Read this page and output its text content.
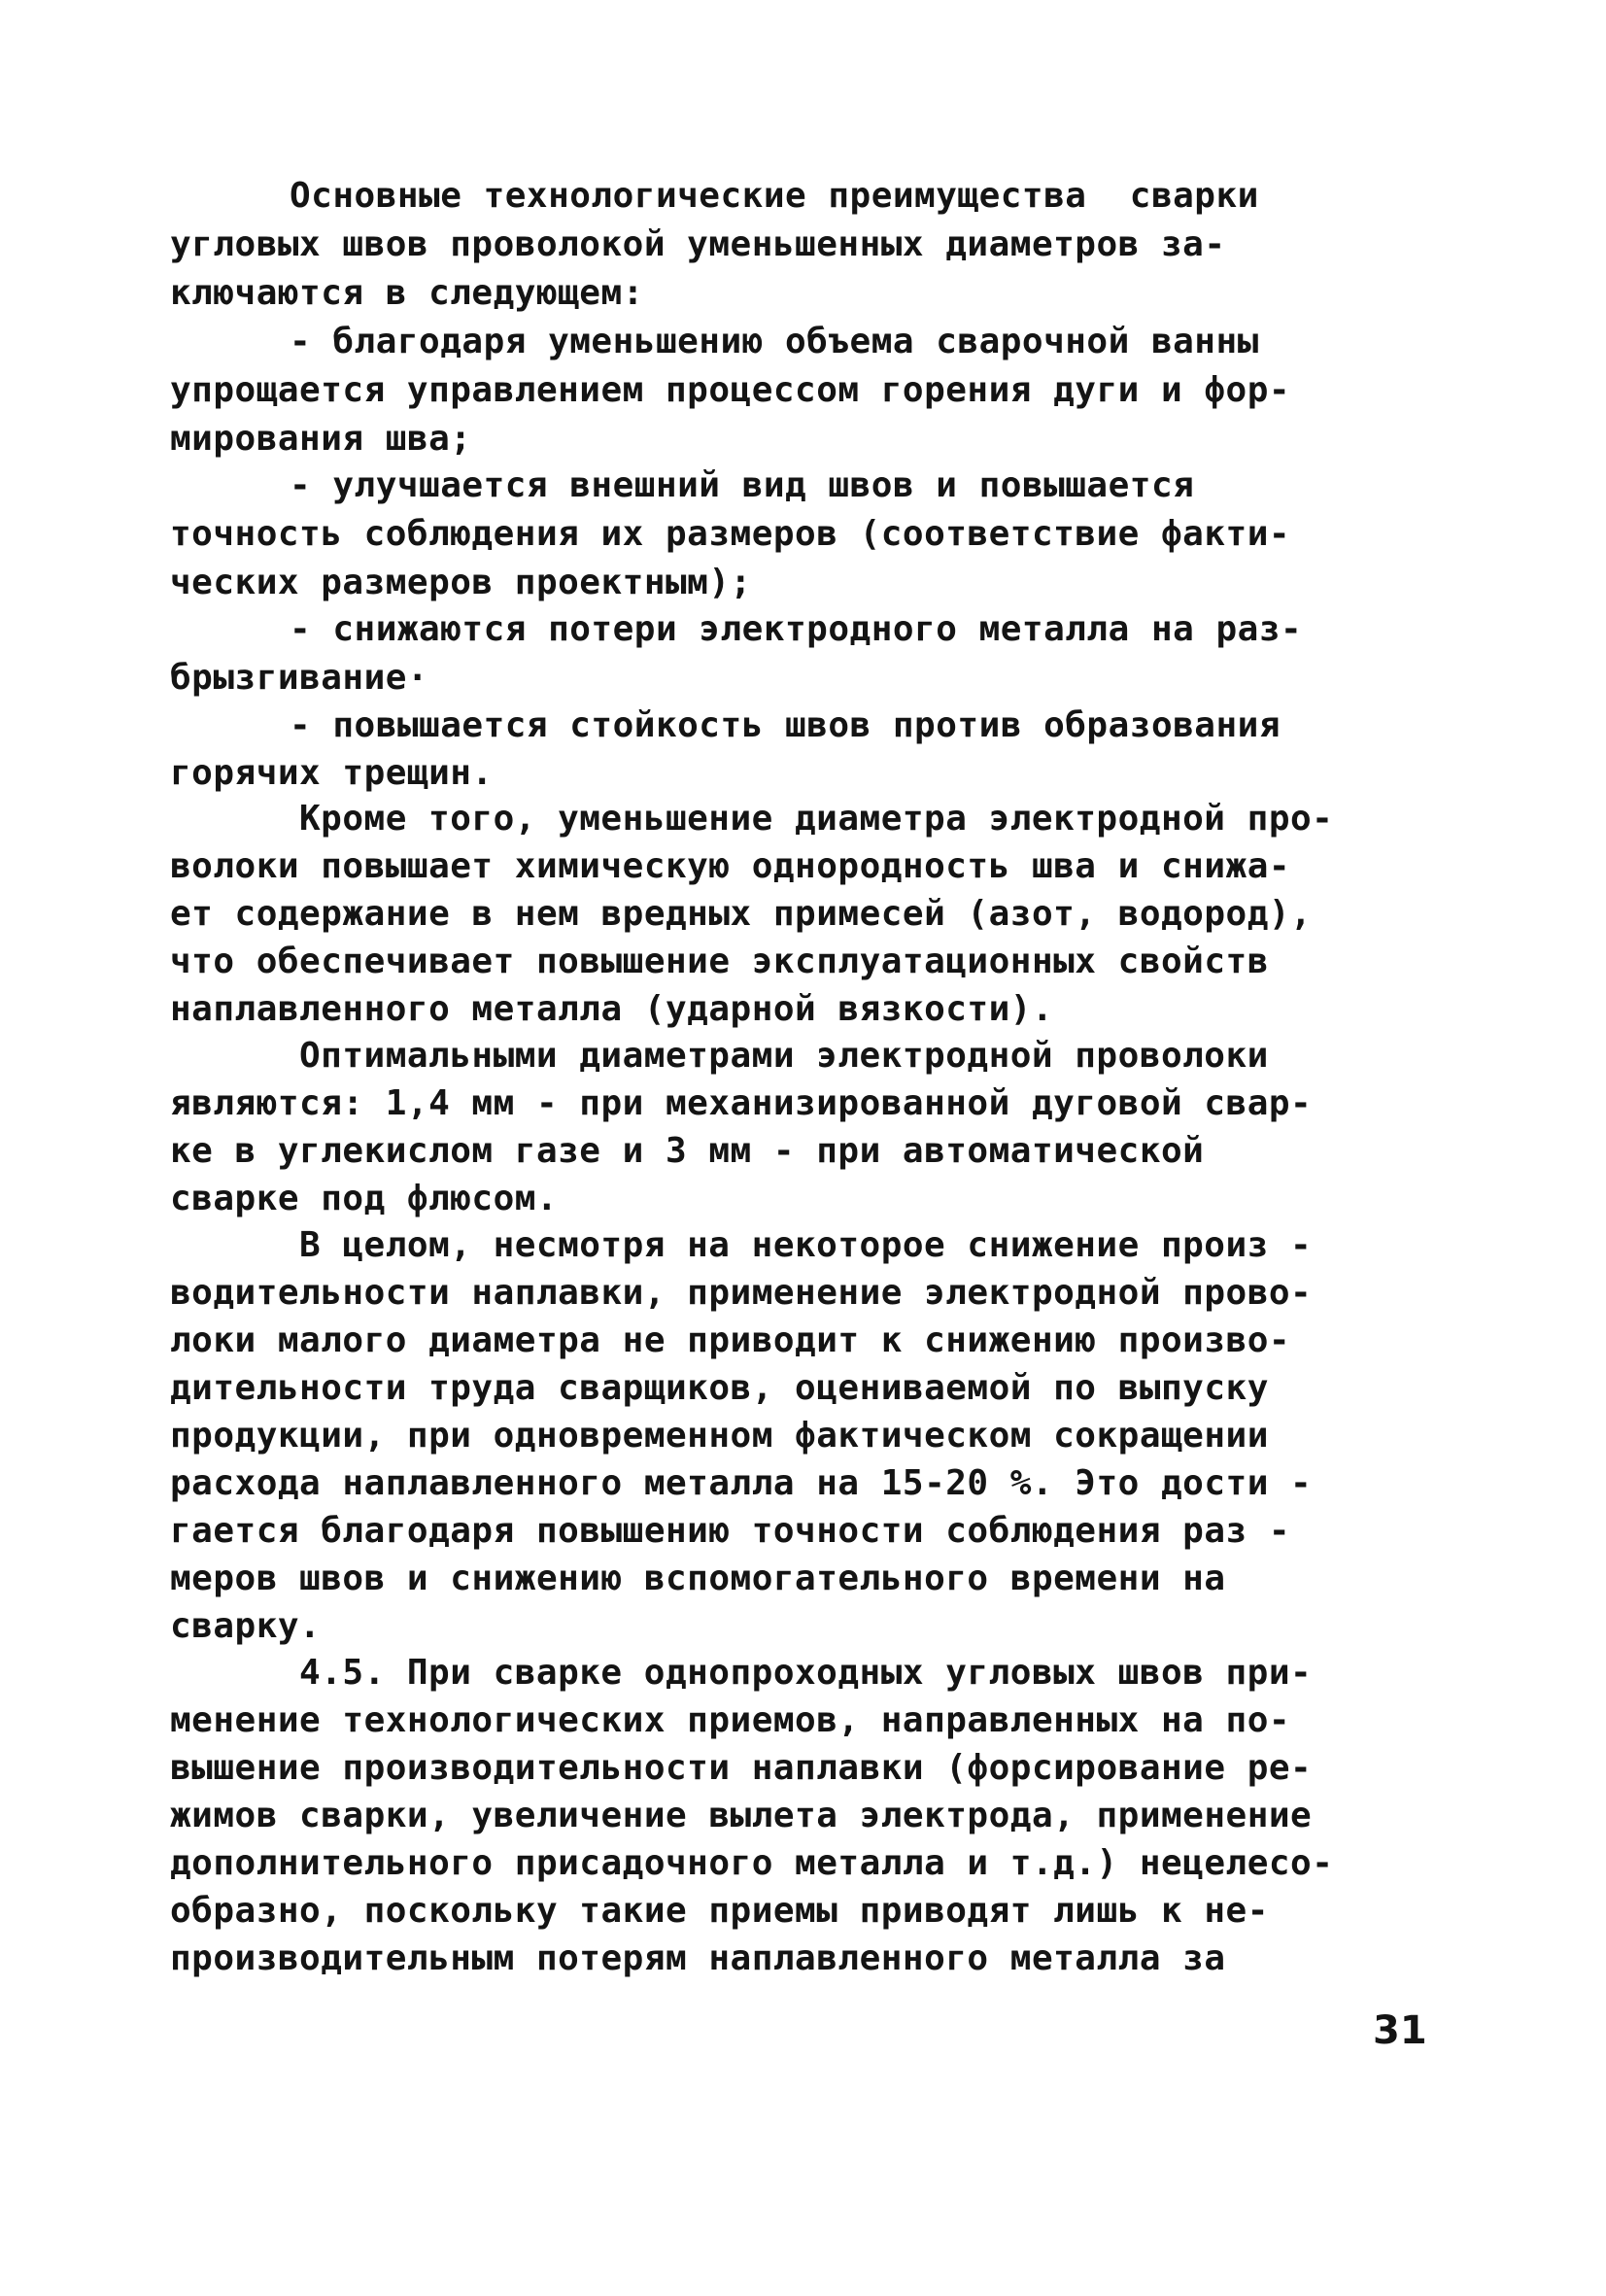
Основные технологические преимущества  сварки
угловых швов проволокой уменьшенных диаметров за-
ключаются в следующем:
- благодаря уменьшению объема сварочной ванны
упрощается управлением процессом горения дуги и фор-
мирования шва;
- улучшается внешний вид швов и повышается
точность соблюдения их размеров (соответствие факти-
ческих размеров проектным);
- снижаются потери электродного металла на раз-
брызгивание·
- повышается стойкость швов против образования
горячих трещин.
Кроме того, уменьшение диаметра электродной про-
волоки повышает химическую однородность шва и снижа-
ет содержание в нем вредных примесей (азот, водород),
что обеспечивает повышение эксплуатационных свойств
наплавленного металла (ударной вязкости).
Оптимальными диаметрами электродной проволоки
являются: 1,4 мм - при механизированной дуговой свар-
ке в углекислом газе и 3 мм - при автоматической
сварке под флюсом.
В целом, несмотря на некоторое снижение произ -
водительности наплавки, применение электродной прово-
локи малого диаметра не приводит к снижению произво-
дительности труда сварщиков, оцениваемой по выпуску
продукции, при одновременном фактическом сокращении
расхода наплавленного металла на 15-20 %. Это дости -
гается благодаря повышению точности соблюдения раз -
меров швов и снижению вспомогательного времени на
сварку.
4.5. При сварке однопроходных угловых швов при-
менение технологических приемов, направленных на по-
вышение производительности наплавки (форсирование ре-
жимов сварки, увеличение вылета электрода, применение
дополнительного присадочного металла и т.д.) нецелесо-
образно, поскольку такие приемы приводят лишь к не-
производительным потерям наплавленного металла за
31
